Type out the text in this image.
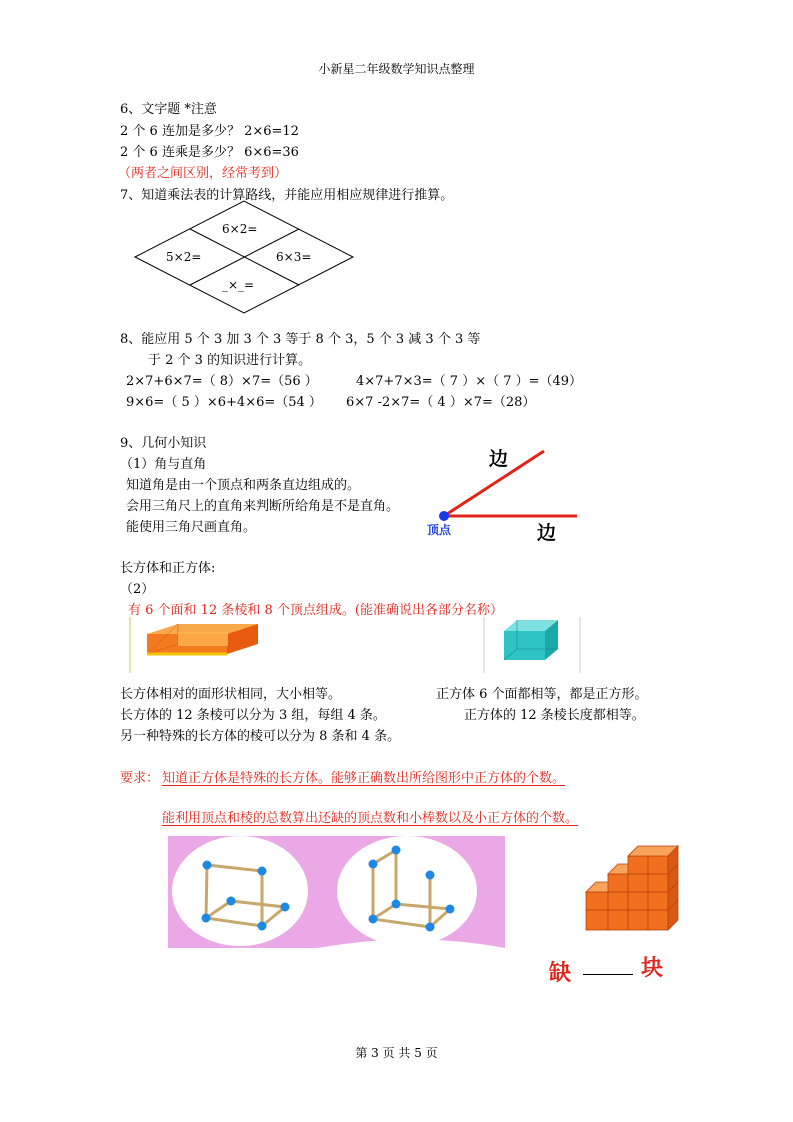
小新星二年级数学知识点整理
6、文字题 *注意
2 个 6 连加是多少？ 2×6=12
2 个 6 连乘是多少？ 6×6=36
（两者之间区别，经常考到）
7、知道乘法表的计算路线，并能应用相应规律进行推算。
6×2=
5×2=	6×3=
_×_=
8、能应用 5 个 3 加 3 个 3 等于 8 个 3，5 个 3 减 3 个 3 等
于 2 个 3 的知识进行计算。
2×7+6×7=（ 8）×7=（56 ）	4×7+7×3=（ 7 ）×（ 7 ）=（49）
9×6=（ 5 ）×6+4×6=（54 ） 6×7 -2×7=（ 4 ）×7=（28）
9、几何小知识
（1）角与直角
知道角是由一个顶点和两条直边组成的。
会用三角尺上的直角来判断所给角是不是直角。
能使用三角尺画直角。
边
边
顶点
长方体和正方体:
（2）
有 6 个面和 12 条棱和 8 个顶点组成。(能准确说出各部分名称）
长方体相对的面形状相同，大小相等。	正方体 6 个面都相等，都是正方形。
长方体的 12 条棱可以分为 3 组，每组 4 条。	正方体的 12 条棱长度都相等。
另一种特殊的长方体的棱可以分为 8 条和 4 条。
要求： 知道正方体是特殊的长方体。能够正确数出所给图形中正方体的个数。
能利用顶点和棱的总数算出还缺的顶点数和小棒数以及小正方体的个数。
缺	块
第 3 页 共 5 页
